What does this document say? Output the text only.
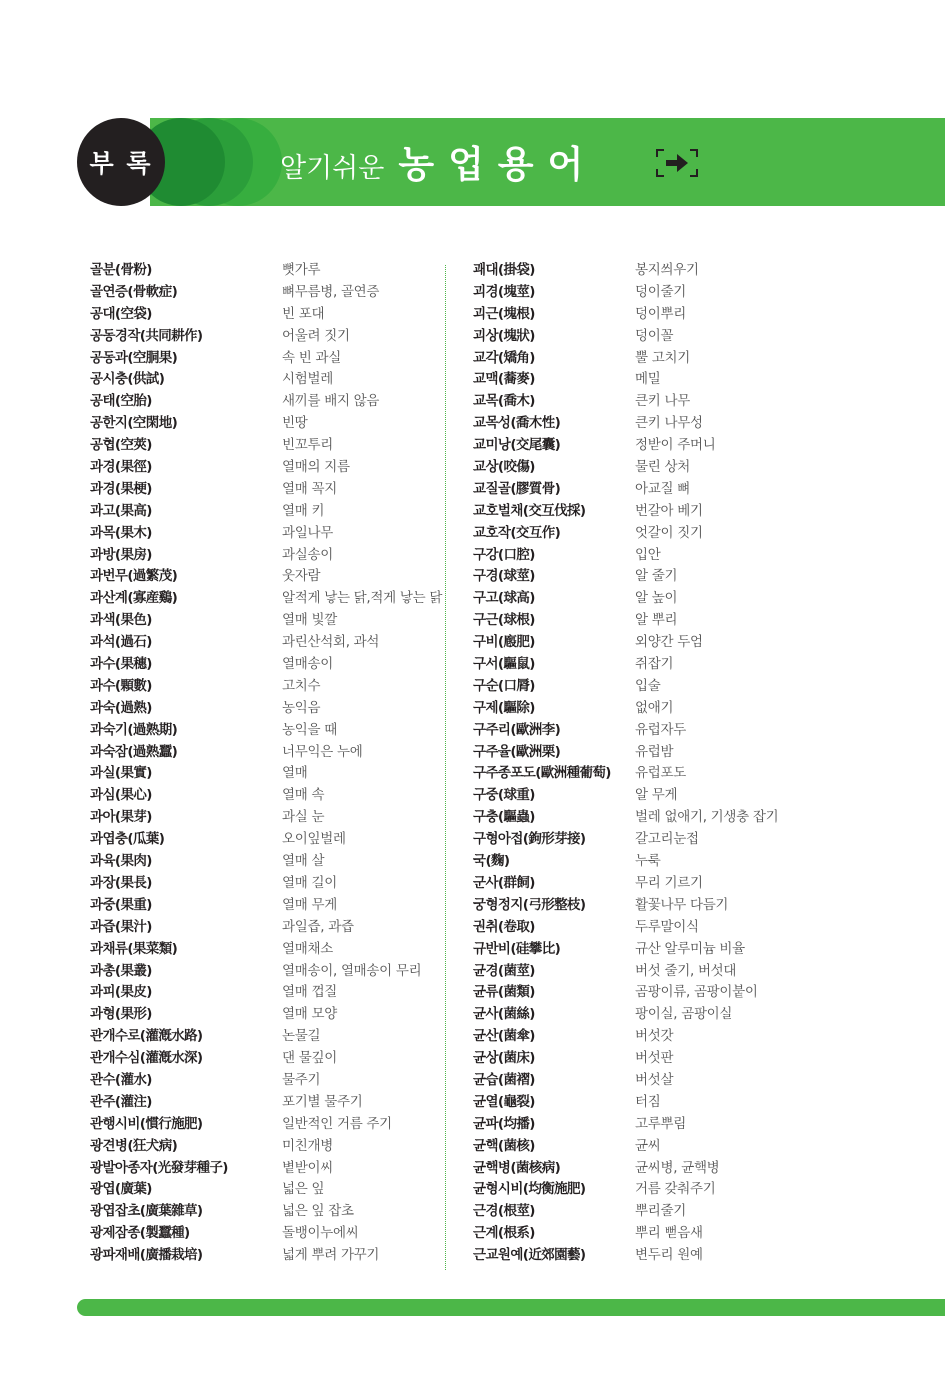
부 록	알기쉬운 농업용어
골분(骨粉)
골연증(骨軟症)
공대(空袋)
공동경작(共同耕作)
공동과(空胴果)
공시충(供試)
공태(空胎)
공한지(空閑地)
공협(空莢)
과경(果徑)
과경(果梗)
과고(果高)
과목(果木)
과방(果房)
과번무(過繁茂)
과산계(寡産鷄)
과색(果色)
과석(過石)
과수(果穗)
과수(顆數)
과숙(過熟)
과숙기(過熟期)
과숙잠(過熟蠶)
과실(果實)
과심(果心)
과아(果芽)
과엽충(瓜葉)
과육(果肉)
과장(果長)
과중(果重)
과즙(果汁)
과채류(果菜類)
과총(果叢)
과피(果皮)
과형(果形)
관개수로(灌漑水路)
관개수심(灌漑水深)
관수(灌水)
관주(灌注)
관행시비(慣行施肥)
광견병(狂犬病)
광발아종자(光發芽種子)
광엽(廣葉)
광엽잡초(廣葉雜草)
광제잠종(製蠶種)
광파재배(廣播栽培)
뼛가루
뼈무름병, 골연증
빈 포대
어울려 짓기
속 빈 과실
시험벌레
새끼를 배지 않음
빈땅
빈꼬투리
열매의 지름
열매 꼭지
열매 키
과일나무
과실송이
웃자람
알적게 낳는 닭,적게 낳는 닭
열매 빛깔
과린산석회, 과석
열매송이
고치수
농익음
농익을 때
너무익은 누에
열매
열매 속
과실 눈
오이잎벌레
열매 살
열매 길이
열매 무게
과일즙, 과즙
열매채소
열매송이, 열매송이 무리
열매 껍질
열매 모양
논물길
댄 물깊이
물주기
포기별 물주기
일반적인 거름 주기
미친개병
볕받이씨
넓은 잎
넓은 잎 잡초
돌뱅이누에씨
넓게 뿌려 가꾸기
괘대(掛袋)
괴경(塊莖)
괴근(塊根)
괴상(塊狀)
교각(矯角)
교맥(蕎麥)
교목(喬木)
교목성(喬木性)
교미낭(交尾囊)
교상(咬傷)
교질골(膠質骨)
교호벌채(交互伐採)
교호작(交互作)
구강(口腔)
구경(球莖)
구고(球高)
구근(球根)
구비(廏肥)
구서(驅鼠)
구순(口脣)
구제(驅除)
구주리(歐洲李)
구주율(歐洲栗)
구주종포도(歐洲種葡萄)
구중(球重)
구충(驅蟲)
구형아접(鉤形芽接)
국(麴)
군사(群飼)
궁형정지(弓形整枝)
권취(卷取)
규반비(硅攀比)
균경(菌莖)
균류(菌類)
균사(菌絲)
균산(菌傘)
균상(菌床)
균습(菌褶)
균열(龜裂)
균파(均播)
균핵(菌核)
균핵병(菌核病)
균형시비(均衡施肥)
근경(根莖)
근계(根系)
근교원예(近郊園藝)
봉지씌우기
덩이줄기
덩이뿌리
덩이꼴
뿔 고치기
메밀
큰키 나무
큰키 나무성
정받이 주머니
물린 상처
아교질 뼈
번갈아 베기
엇갈이 짓기
입안
알 줄기
알 높이
알 뿌리
외양간 두엄
쥐잡기
입술
없애기
유럽자두
유럽밤
유럽포도
알 무게
벌레 없애기, 기생충 잡기
갈고리눈접
누룩
무리 기르기
활꽃나무 다듬기
두루말이식
규산 알루미늄 비율
버섯 줄기, 버섯대
곰팡이류, 곰팡이붙이
팡이실, 곰팡이실
버섯갓
버섯판
버섯살
터짐
고루뿌림
균씨
균씨병, 균핵병
거름 갖춰주기
뿌리줄기
뿌리 뻗음새
변두리 원예
